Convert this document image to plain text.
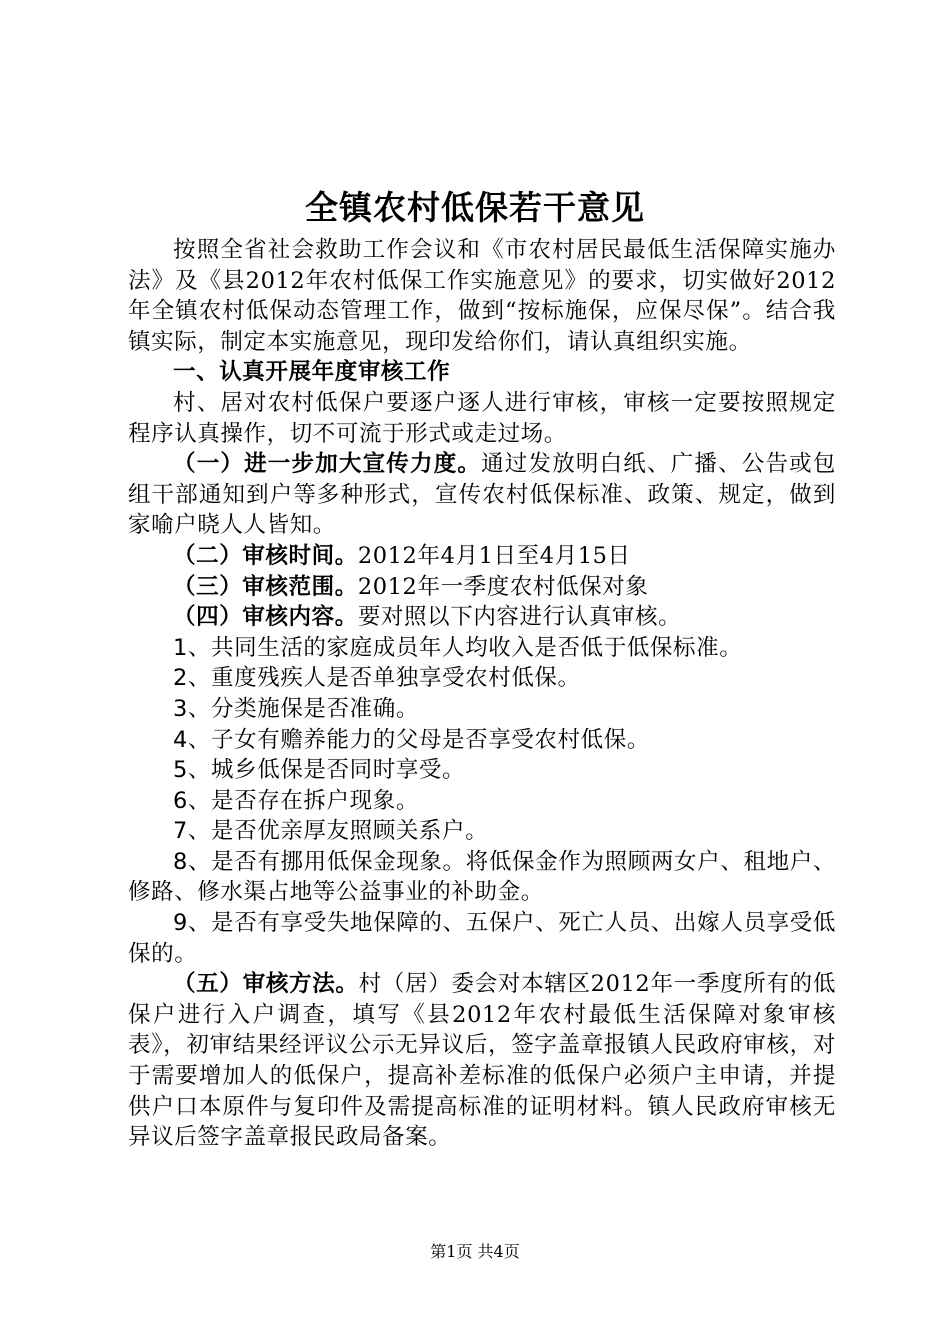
全镇农村低保若干意见

按照全省社会救助工作会议和《市农村居民最低生活保障实施办法》及《县2012年农村低保工作实施意见》的要求，切实做好2012年全镇农村低保动态管理工作，做到“按标施保，应保尽保”。结合我镇实际，制定本实施意见，现印发给你们，请认真组织实施。

一、认真开展年度审核工作

村、居对农村低保户要逐户逐人进行审核，审核一定要按照规定程序认真操作，切不可流于形式或走过场。

（一）进一步加大宣传力度。通过发放明白纸、广播、公告或包组干部通知到户等多种形式，宣传农村低保标准、政策、规定，做到家喻户晓人人皆知。

（二）审核时间。2012年4月1日至4月15日

（三）审核范围。2012年一季度农村低保对象

（四）审核内容。要对照以下内容进行认真审核。

1、共同生活的家庭成员年人均收入是否低于低保标准。

2、重度残疾人是否单独享受农村低保。

3、分类施保是否准确。

4、子女有赡养能力的父母是否享受农村低保。

5、城乡低保是否同时享受。

6、是否存在拆户现象。

7、是否优亲厚友照顾关系户。

8、是否有挪用低保金现象。将低保金作为照顾两女户、租地户、修路、修水渠占地等公益事业的补助金。

9、是否有享受失地保障的、五保户、死亡人员、出嫁人员享受低保的。

（五）审核方法。村（居）委会对本辖区2012年一季度所有的低保户进行入户调查，填写《县2012年农村最低生活保障对象审核表》，初审结果经评议公示无异议后，签字盖章报镇人民政府审核，对于需要增加人的低保户，提高补差标准的低保户必须户主申请，并提供户口本原件与复印件及需提高标准的证明材料。镇人民政府审核无异议后签字盖章报民政局备案。

第1页 共4页
